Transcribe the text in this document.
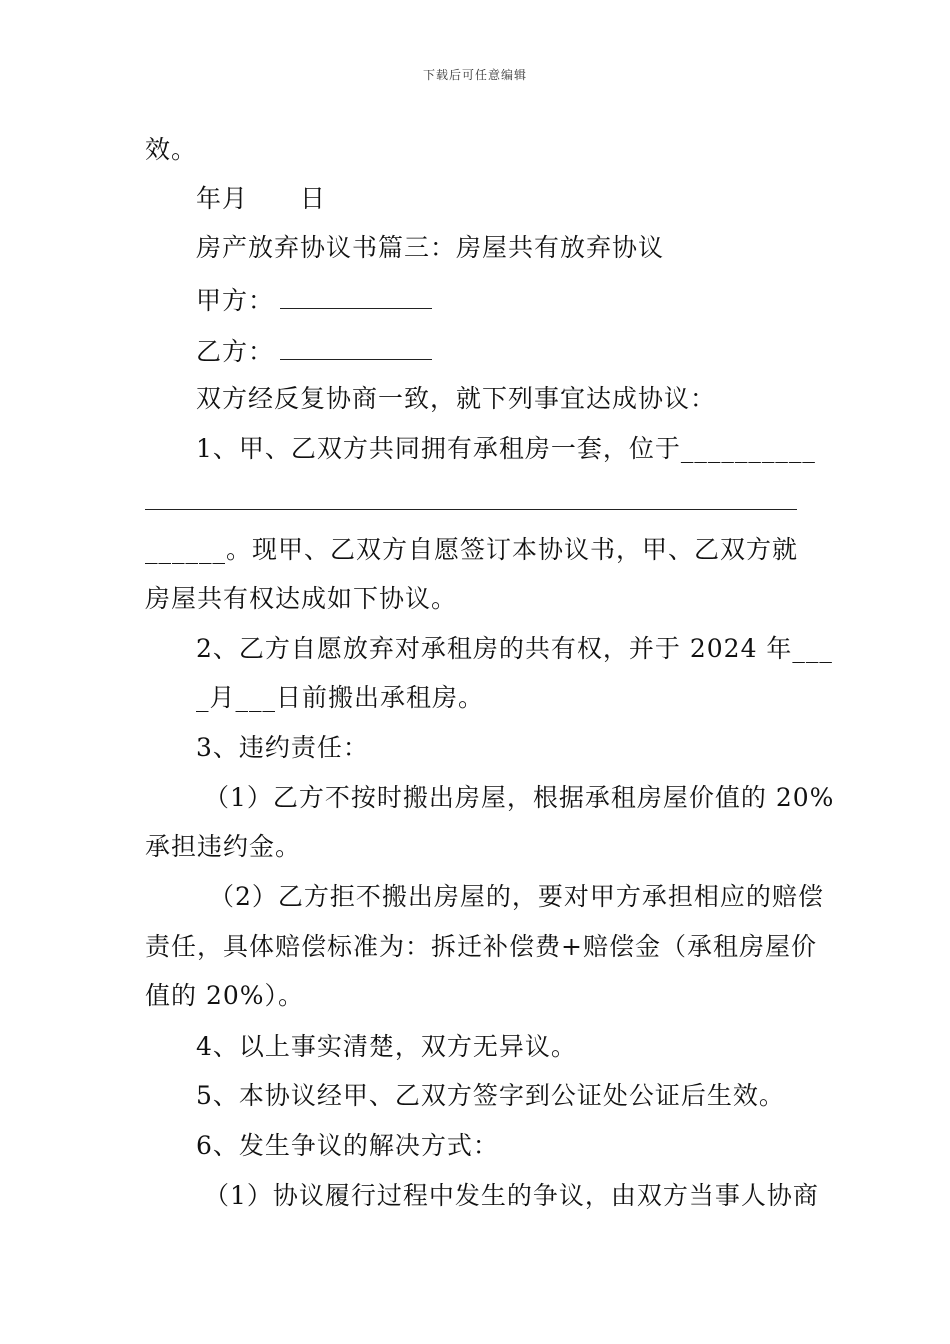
下载后可任意编辑
效。
年月　　日
房产放弃协议书篇三：房屋共有放弃协议
甲方：
乙方：
双方经反复协商一致，就下列事宜达成协议：
1、甲、乙双方共同拥有承租房一套，位于__________
______。现甲、乙双方自愿签订本协议书，甲、乙双方就
房屋共有权达成如下协议。
2、乙方自愿放弃对承租房的共有权，并于 2024 年___
_月___日前搬出承租房。
3、违约责任：
（1）乙方不按时搬出房屋，根据承租房屋价值的 20%
承担违约金。
（2）乙方拒不搬出房屋的，要对甲方承担相应的赔偿
责任，具体赔偿标准为：拆迁补偿费+赔偿金（承租房屋价
值的 20%）。
4、以上事实清楚，双方无异议。
5、本协议经甲、乙双方签字到公证处公证后生效。
6、发生争议的解决方式：
（1）协议履行过程中发生的争议，由双方当事人协商
